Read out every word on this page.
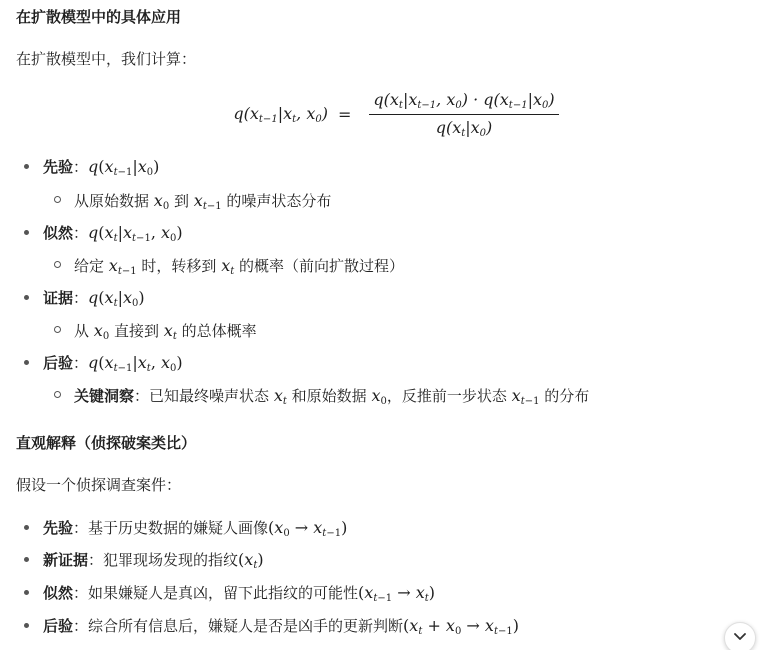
在扩散模型中的具体应用
在扩散模型中，我们计算：
$q(x_{t-1}|x_t$, $x_0) = \frac{q(x_t|x_{t-1}, x_0) \cdot q(x_{t-1}|x_0)}{q(x_t|x_0)}$
先验 ： $q(x_{t-1}|x_0)$
从原始数据
$x_0$
到
$x_{t-1}$
的噪声状态分布
似然 ： $q(x_t|x_{t-1}$, $x_0$)
给定
$x_{t-1}$
时，转移到
$x_t$
的概率（前向扩散过程）
证据 ： $q(x_t|x_0)$
从
$x_0$
直接到
$x_t$
的总体概率
后验 ： $q(x_{t-1}|x_t$, $x_0$)
关键洞察 ：已知最终噪声状态
$x_t$
和原始数据
$x_0$ ，反推前一步状态
$x_{t-1}$
的分布
直观解释（侦探破案类比）
假设一个侦探调查案件：
先验 ：基于历史数据的嫌疑人画像 $(x_0 \to x_{t-1})$
新证据 ：犯罪现场发现的指纹 $(x_t)$
似然 ：如果嫌疑人是真凶，留下此指纹的可能性 $(x_{t-1} \to x_t)$
后验 ：综合所有信息后，嫌疑人是否是凶手的更新判断 $(x_t + x_0 \to x_{t-1})$
